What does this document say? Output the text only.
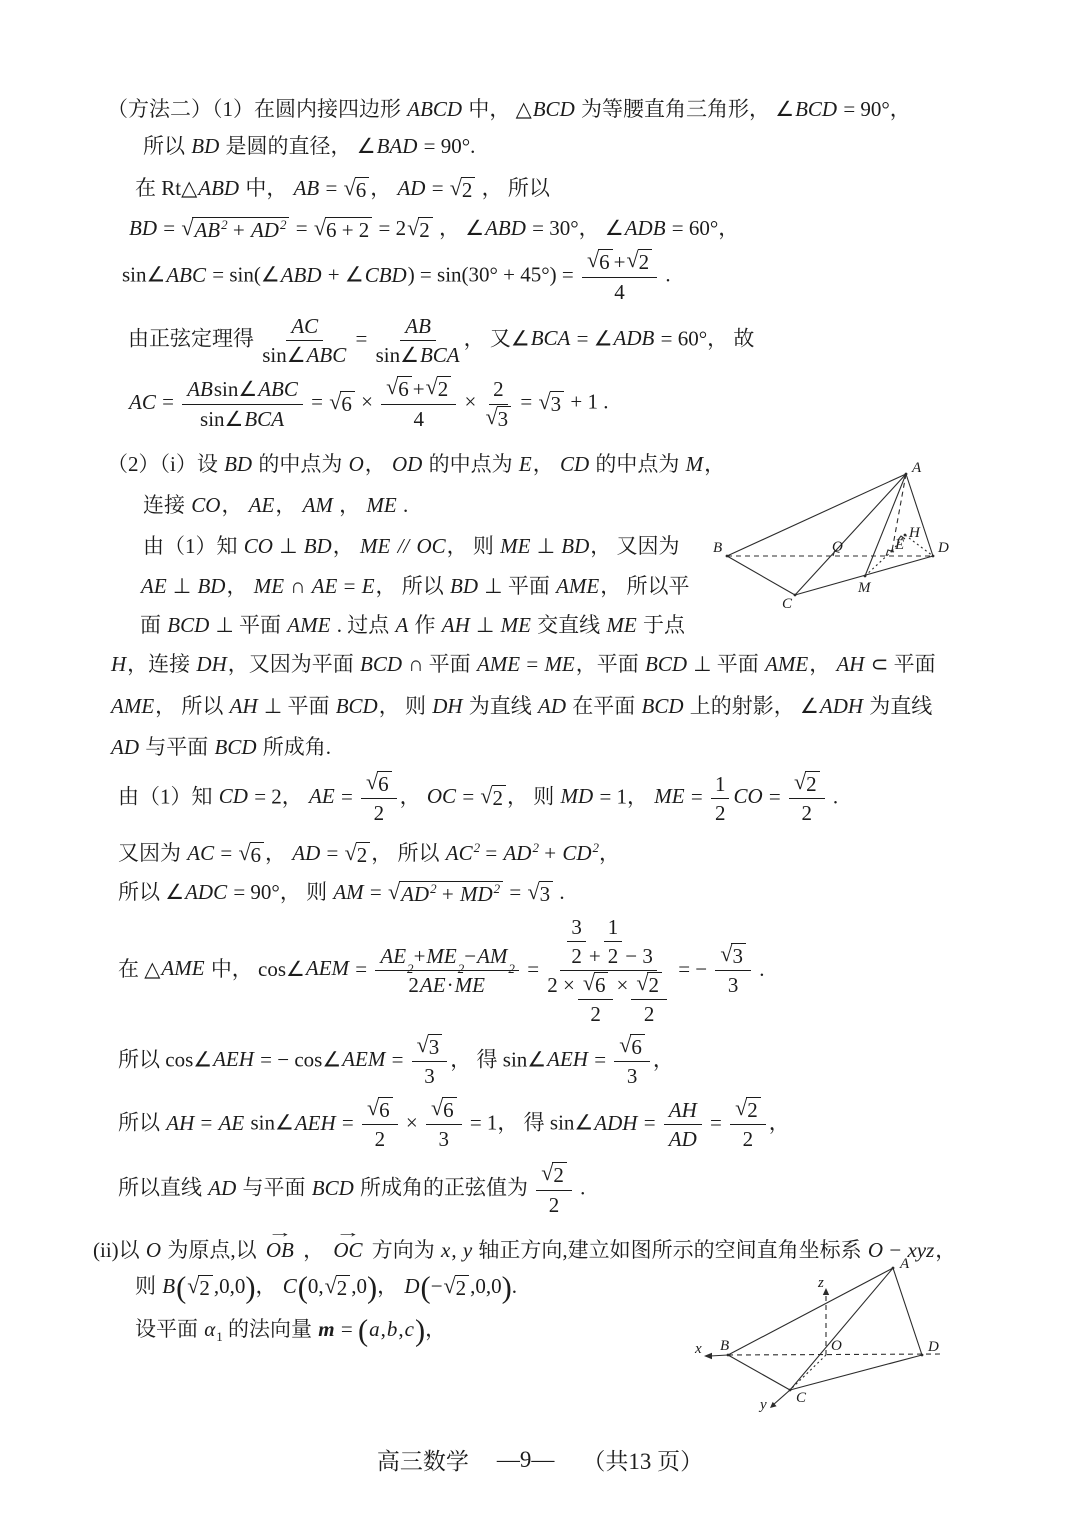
（方法二）（1）在圆内接四边形 ABCD 中， △BCD 为等腰直角三角形， ∠BCD = 90°，
所以 BD 是圆的直径， ∠BAD = 90°.
在 Rt△ABD 中， AB = √ 6 ， AD = √ 2 ， 所以
BD = √ $AB^2 + AD^2$ = √ 6 + 2 = 2 √ 2 ， ∠ABD = 30°， ∠ADB = 60°，
sin∠ABC = sin(∠ABD + ∠CBD) = $\sin(30^\circ + 45^\circ) = \frac{√ 6 + √ 2}{4}$ .
由正弦定理得 $\frac{AC}{\text{sin∠ ABC}} = \frac{AB}{\text{sin∠ BCA}}$ ， 又∠BCA = ∠ADB = 60°， 故
AC = $\frac{\text{AB sin∠ ABC}}{\text{sin∠ BCA}}$ = √ $6 \times \frac{√ 6 + √ 2}{4} \times \frac{2}{√ 3}$ = √ 3 + 1 .
（2）（i）设 BD 的中点为 O， OD 的中点为 E， CD 的中点为 M，
连接 CO， AE， AM ， ME .
由（1）知 CO ⊥ BD， ME // OC， 则 ME ⊥ BD， 又因为
AE ⊥ BD， ME ∩ AE = E， 所以 BD ⊥ 平面 AME， 所以平
面 BCD ⊥ 平面 AME . 过点 A 作 AH ⊥ ME 交直线 ME 于点
H，连接 DH，又因为平面 BCD ∩ 平面 AME = ME，平面 BCD ⊥ 平面 AME， AH ⊂ 平面
AME， 所以 AH ⊥ 平面 BCD， 则 DH 为直线 AD 在平面 BCD 上的射影， ∠ADH 为直线
AD 与平面 BCD 所成角.
由（1）知 CD = 2， AE = $\frac{√ 6}{2}$ ， OC = √ 2 ， 则 MD = 1， ME = $\frac{1}{2}$ CO = $\frac{√ 2}{2}$ .
又因为 AC = √ 6 ， AD = √ 2 ， 所以 $AC^2 = AD^2 + CD^2$，
所以 ∠ADC = 90°， 则 AM = √ $AD^2 + MD^2$ = √ 3 .
在 △AME 中， cos∠AEM = AE
2
+ ME
2
− AM
2
2 AE · ME = $\frac{\frac{3}{2} + \frac{1}{2} - 3}{2 \times \frac{√ 6}{2} \times \frac{√ 2}{2}}$ = − $\frac{√ 3}{3}$ .
所以 cos∠AEH = − cos∠AEM = $\frac{√ 3}{3}$ ， 得 sin∠AEH = $\frac{√ 6}{3}$ ，
所以 AH = AE sin∠AEH = $\frac{√ 6}{2} \times \frac{√ 6}{3} = 1$， 得 sin∠ADH = $\frac{AH}{AD} = \frac{√ 2}{2}$ ，
所以直线 AD 与平面 BCD 所成角的正弦值为 $\frac{√ 2}{2}$ .
(ii)以 O 为原点,以
→
OB ，
→
OC 方向为 x, y 轴正方向,建立如图所示的空间直角坐标系 O − xyz，
则 B( √ 2 ,0,0)， C(0, √ 2 ,0)， D(− √ 2 ,0,0).
设平面 $\alpha_1$ 的法向量 m = (a,b,c)，
A
B
C
D
O
M
E
H
A
B
C
D
O
x
y
z
高三数学 —9— （共13 页）
